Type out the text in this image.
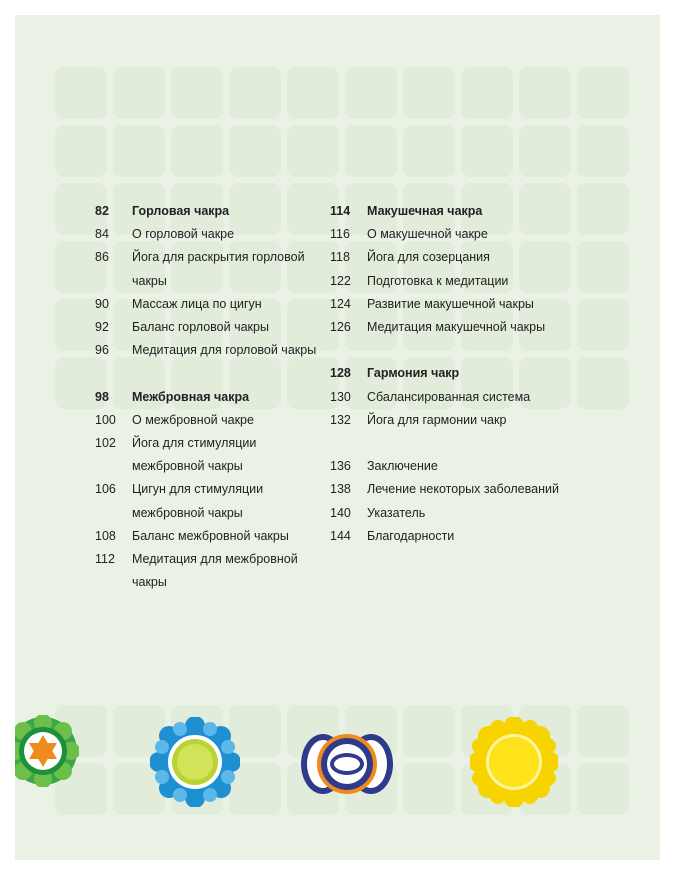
82	Горловая чакра
84	О горловой чакре
86	Йога для раскрытия горловой
чакры
90	Массаж лица по цигун
92	Баланс горловой чакры
96	Медитация для горловой чакры
98	Межбровная чакра
100	О межбровной чакре
102	Йога для стимуляции
межбровной чакры
106	Цигун для стимуляции
межбровной чакры
108	Баланс межбровной чакры
112	Медитация для межбровной
чакры
114	Макушечная чакра
116	О макушечной чакре
118	Йога для созерцания
122	Подготовка к медитации
124	Развитие макушечной чакры
126	Медитация макушечной чакры
128	Гармония чакр
130	Сбалансированная система
132	Йога для гармонии чакр
136	Заключение
138	Лечение некоторых заболеваний
140	Указатель
144	Благодарности
